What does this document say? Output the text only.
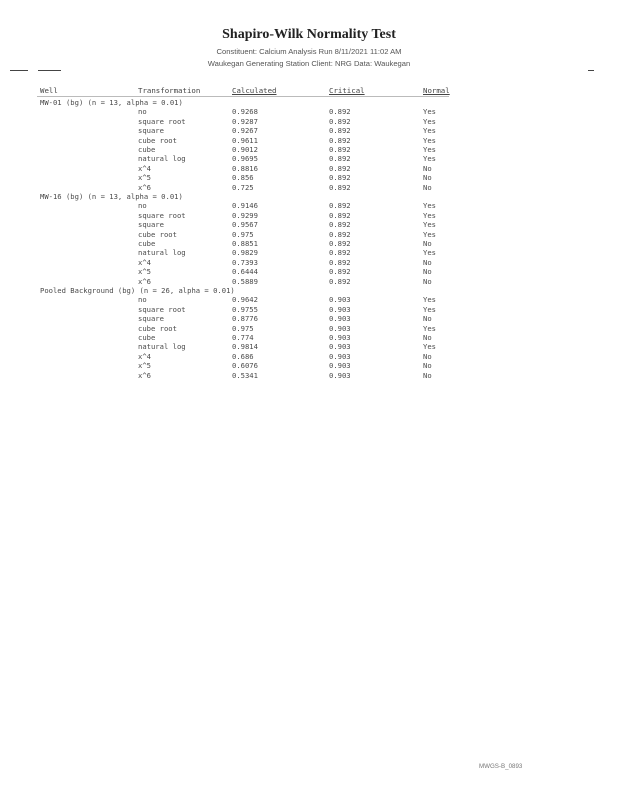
Shapiro-Wilk Normality Test
Constituent: Calcium Analysis Run 8/11/2021 11:02 AM
Waukegan Generating Station Client: NRG Data: Waukegan
Well	Transformation	Calculated	Critical	Normal
MW-01 (bg) (n = 13, alpha = 0.01)
no	0.9268	0.892	Yes
square root	0.9287	0.892	Yes
square	0.9267	0.892	Yes
cube root	0.9611	0.892	Yes
cube	0.9012	0.892	Yes
natural log	0.9695	0.892	Yes
x^4	0.8816	0.892	No
x^5	0.856	0.892	No
x^6	0.725	0.892	No
MW-16 (bg) (n = 13, alpha = 0.01)
no	0.9146	0.892	Yes
square root	0.9299	0.892	Yes
square	0.9567	0.892	Yes
cube root	0.975	0.892	Yes
cube	0.8851	0.892	No
natural log	0.9829	0.892	Yes
x^4	0.7393	0.892	No
x^5	0.6444	0.892	No
x^6	0.5889	0.892	No
Pooled Background (bg) (n = 26, alpha = 0.01)
no	0.9642	0.903	Yes
square root	0.9755	0.903	Yes
square	0.8776	0.903	No
cube root	0.975	0.903	Yes
cube	0.774	0.903	No
natural log	0.9814	0.903	Yes
x^4	0.686	0.903	No
x^5	0.6076	0.903	No
x^6	0.5341	0.903	No
MWGS-B_0893
